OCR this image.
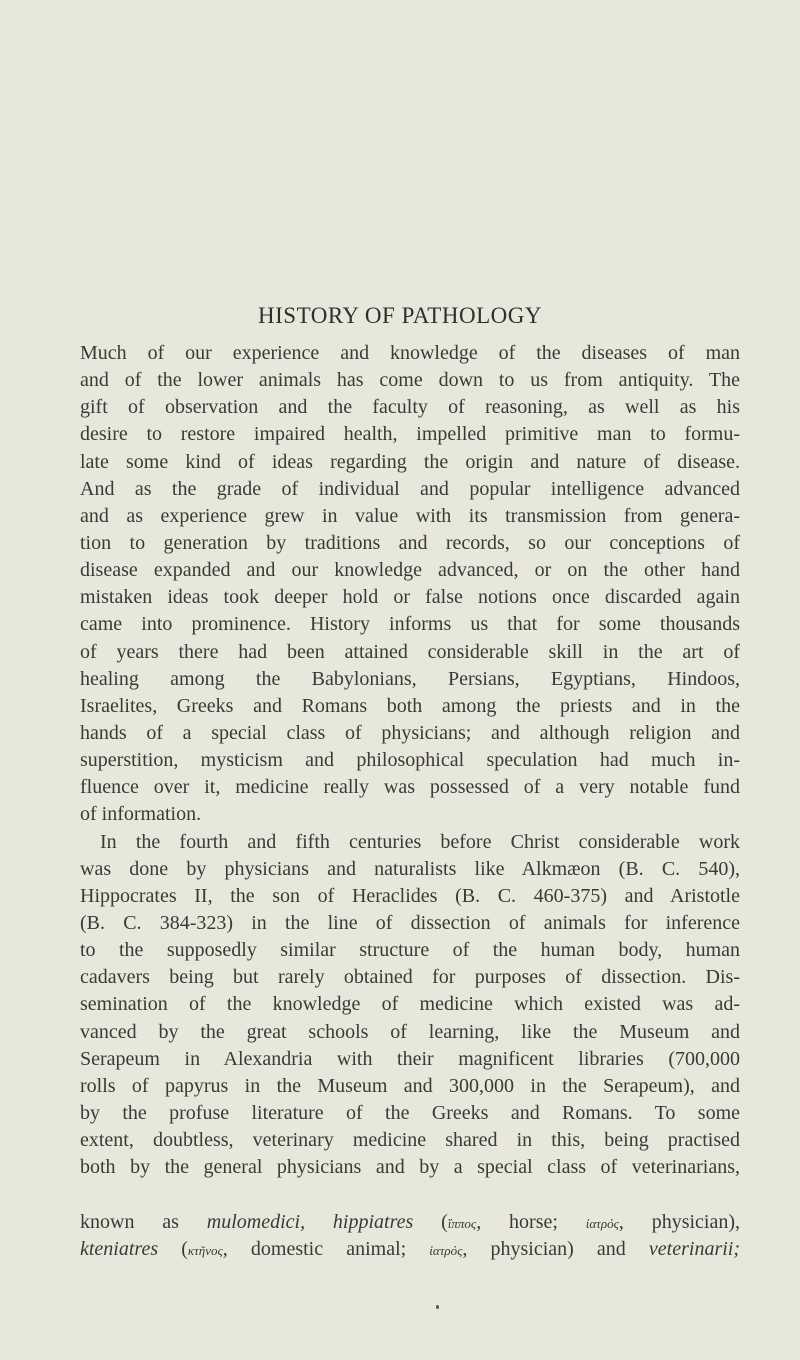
HISTORY OF PATHOLOGY
Much of our experience and knowledge of the diseases of man
and of the lower animals has come down to us from antiquity. The
gift of observation and the faculty of reasoning, as well as his
desire to restore impaired health, impelled primitive man to formu-
late some kind of ideas regarding the origin and nature of disease.
And as the grade of individual and popular intelligence advanced
and as experience grew in value with its transmission from genera-
tion to generation by traditions and records, so our conceptions of
disease expanded and our knowledge advanced, or on the other hand
mistaken ideas took deeper hold or false notions once discarded again
came into prominence. History informs us that for some thousands
of years there had been attained considerable skill in the art of
healing among the Babylonians, Persians, Egyptians, Hindoos,
Israelites, Greeks and Romans both among the priests and in the
hands of a special class of physicians; and although religion and
superstition, mysticism and philosophical speculation had much in-
fluence over it, medicine really was possessed of a very notable fund
of information.
In the fourth and fifth centuries before Christ considerable work
was done by physicians and naturalists like Alkmæon (B. C. 540),
Hippocrates II, the son of Heraclides (B. C. 460-375) and Aristotle
(B. C. 384-323) in the line of dissection of animals for inference
to the supposedly similar structure of the human body, human
cadavers being but rarely obtained for purposes of dissection. Dis-
semination of the knowledge of medicine which existed was ad-
vanced by the great schools of learning, like the Museum and
Serapeum in Alexandria with their magnificent libraries (700,000
rolls of papyrus in the Museum and 300,000 in the Serapeum), and
by the profuse literature of the Greeks and Romans. To some
extent, doubtless, veterinary medicine shared in this, being practised
both by the general physicians and by a special class of veterinarians,
known as mulomedici, hippiatres (ἵππος, horse; ἰατρός, physician),
kteniatres (κτῆνος, domestic animal; ἰατρός, physician) and veterinarii;
